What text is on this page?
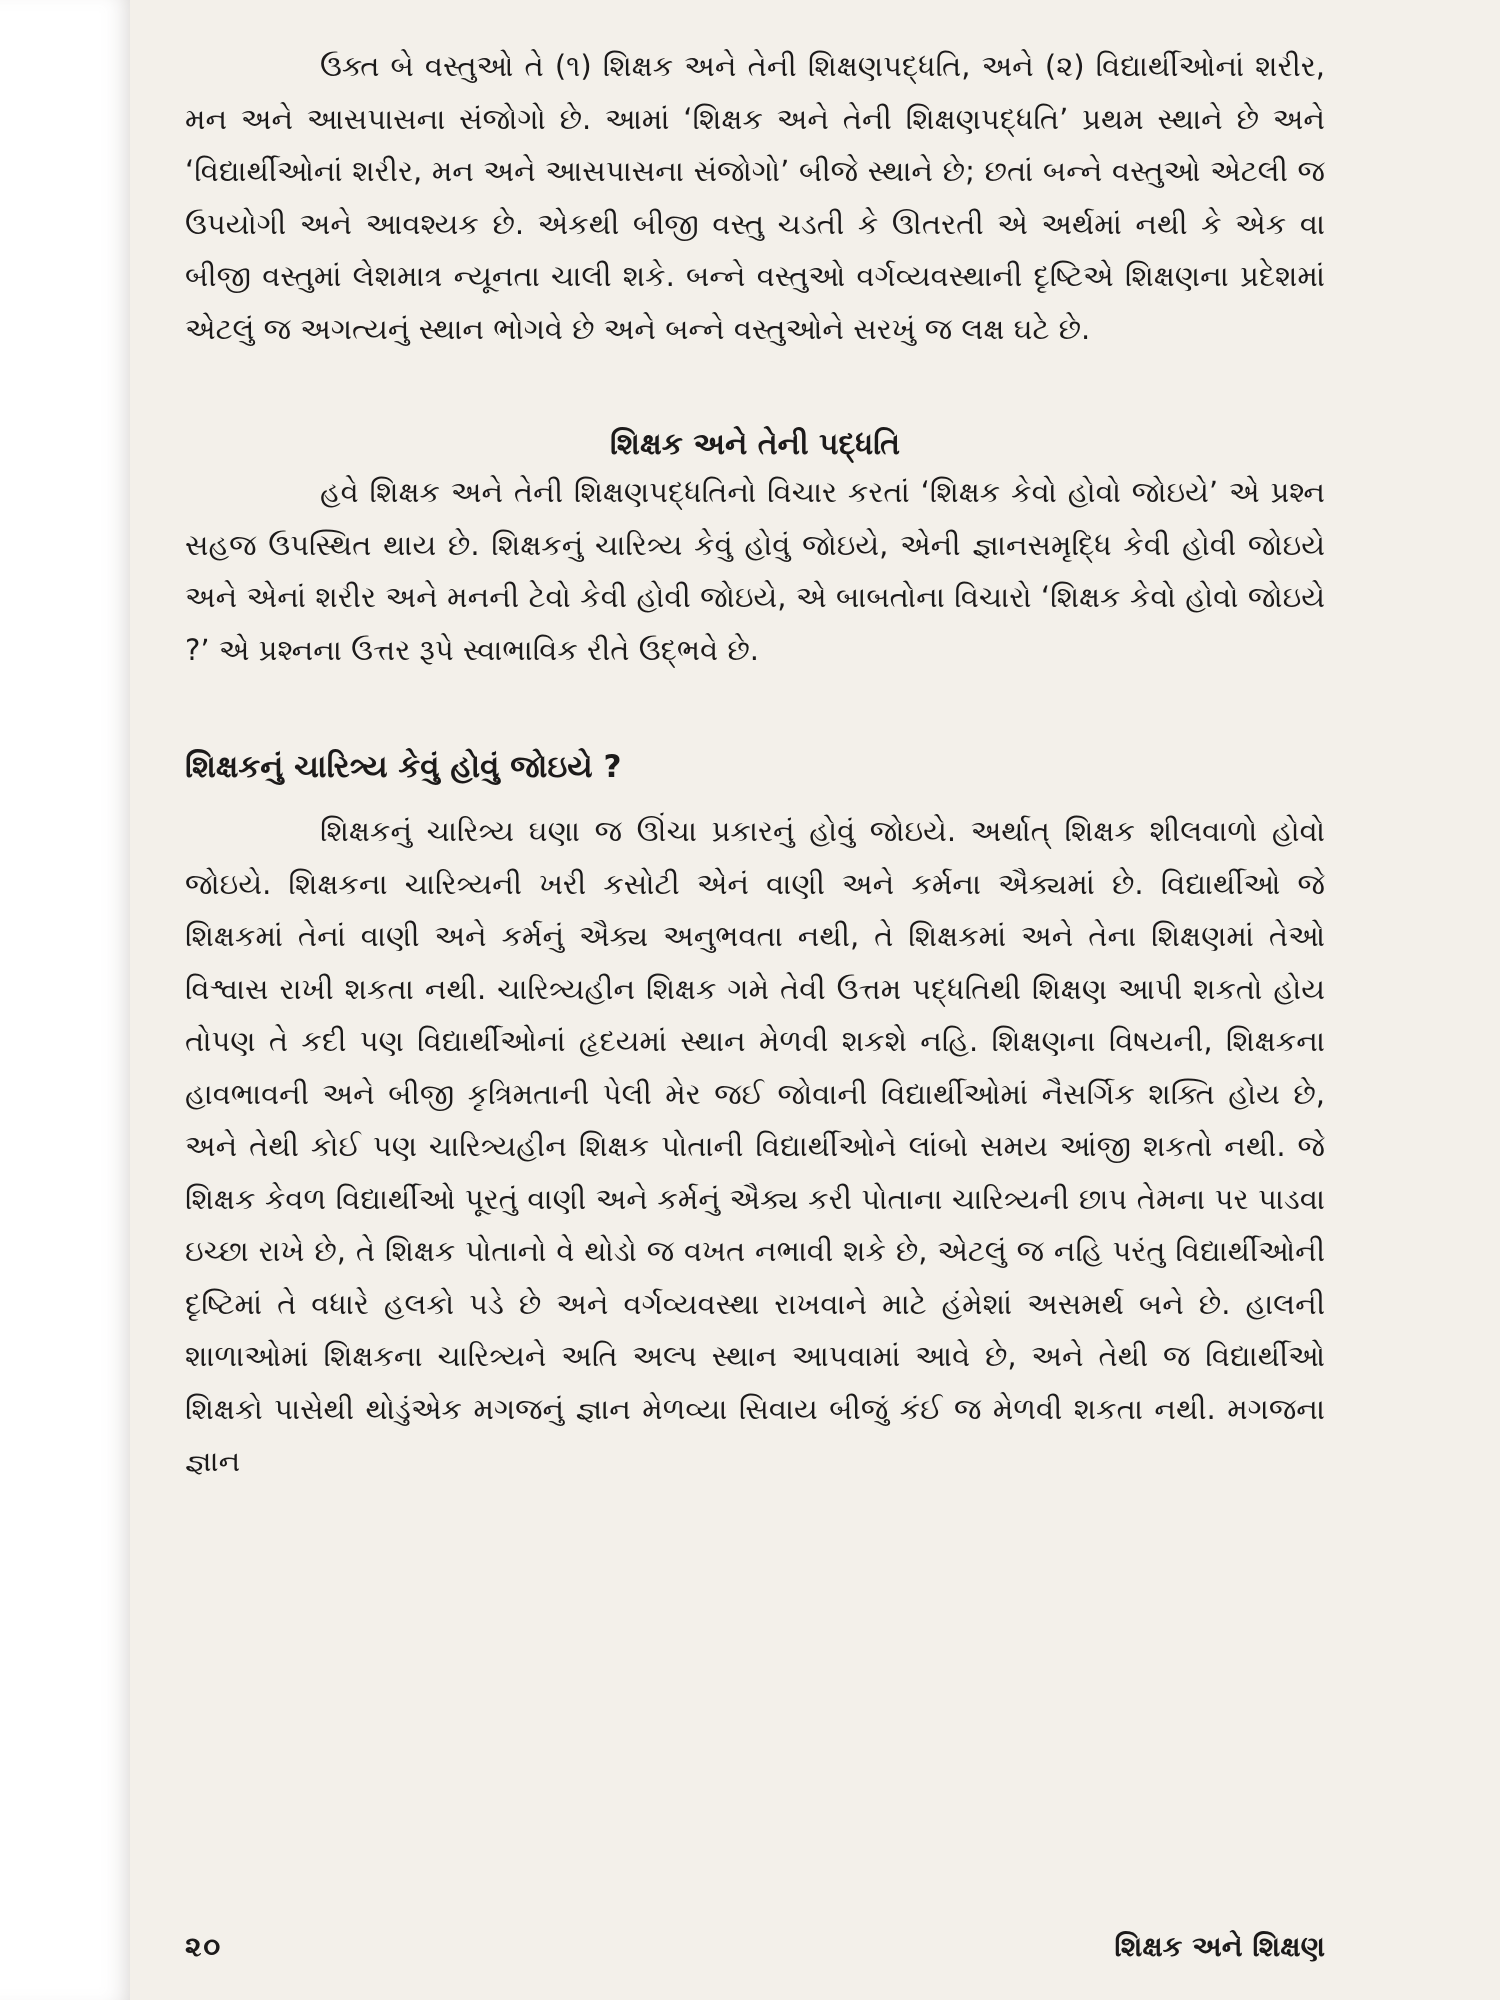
ઉક્ત બે વસ્તુઓ તે (૧) શિક્ષક અને તેની શિક્ષણપદ્ધતિ, અને (૨) વિદ્યાર્થીઓનાં શરીર, મન અને આસપાસના સંજોગો છે. આમાં ‘શિક્ષક અને તેની શિક્ષણપદ્ધતિ’ પ્રથમ સ્થાને છે અને ‘વિદ્યાર્થીઓનાં શરીર, મન અને આસપાસના સંજોગો’ બીજે સ્થાને છે; છતાં બન્ને વસ્તુઓ એટલી જ ઉપયોગી અને આવશ્યક છે. એકથી બીજી વસ્તુ ચડતી કે ઊતરતી એ અર્થમાં નથી કે એક વા બીજી વસ્તુમાં લેશમાત્ર ન્યૂનતા ચાલી શકે. બન્ને વસ્તુઓ વર્ગવ્યવસ્થાની દૃષ્ટિએ શિક્ષણના પ્રદેશમાં એટલું જ અગત્યનું સ્થાન ભોગવે છે અને બન્ને વસ્તુઓને સરખું જ લક્ષ ઘટે છે.

શિક્ષક અને તેની પદ્ધતિ

હવે શિક્ષક અને તેની શિક્ષણપદ્ધતિનો વિચાર કરતાં ‘શિક્ષક કેવો હોવો જોઇયે’ એ પ્રશ્ન સહજ ઉપસ્થિત થાય છે. શિક્ષકનું ચારિત્ર્ય કેવું હોવું જોઇયે, એની જ્ઞાનસમૃદ્ધિ કેવી હોવી જોઇયે અને એનાં શરીર અને મનની ટેવો કેવી હોવી જોઇયે, એ બાબતોના વિચારો ‘શિક્ષક કેવો હોવો જોઇયે ?’ એ પ્રશ્નના ઉત્તર રૂપે સ્વાભાવિક રીતે ઉદ્ભવે છે.

શિક્ષકનું ચારિત્ર્ય કેવું હોવું જોઇયે ?

શિક્ષકનું ચારિત્ર્ય ઘણા જ ઊંચા પ્રકારનું હોવું જોઇયે. અર્થાત્ શિક્ષક શીલવાળો હોવો જોઇયે. શિક્ષકના ચારિત્ર્યની ખરી કસોટી એનં વાણી અને કર્મના ઐક્યમાં છે. વિદ્યાર્થીઓ જે શિક્ષકમાં તેનાં વાણી અને કર્મનું ઐક્ય અનુભવતા નથી, તે શિક્ષકમાં અને તેના શિક્ષણમાં તેઓ વિશ્વાસ રાખી શકતા નથી. ચારિત્ર્યહીન શિક્ષક ગમે તેવી ઉત્તમ પદ્ધતિથી શિક્ષણ આપી શકતો હોય તોપણ તે કદી પણ વિદ્યાર્થીઓનાં હૃદયમાં સ્થાન મેળવી શકશે નહિ. શિક્ષણના વિષયની, શિક્ષકના હાવભાવની અને બીજી કૃત્રિમતાની પેલી મેર જઈ જોવાની વિદ્યાર્થીઓમાં નૈસર્ગિક શક્તિ હોય છે, અને તેથી કોઈ પણ ચારિત્ર્યહીન શિક્ષક પોતાની વિદ્યાર્થીઓને લાંબો સમય આંજી શકતો નથી. જે શિક્ષક કેવળ વિદ્યાર્થીઓ પૂરતું વાણી અને કર્મનું ઐક્ય કરી પોતાના ચારિત્ર્યની છાપ તેમના પર પાડવા ઇચ્છા રાખે છે, તે શિક્ષક પોતાનો વે થોડો જ વખત નભાવી શકે છે, એટલું જ નહિ પરંતુ વિદ્યાર્થીઓની દૃષ્ટિમાં તે વધારે હલકો પડે છે અને વર્ગવ્યવસ્થા રાખવાને માટે હંમેશાં અસમર્થ બને છે. હાલની શાળાઓમાં શિક્ષકના ચારિત્ર્યને અતિ અલ્પ સ્થાન આપવામાં આવે છે, અને તેથી જ વિદ્યાર્થીઓ શિક્ષકો પાસેથી થોડુંએક મગજનું જ્ઞાન મેળવ્યા સિવાય બીજું કંઈ જ મેળવી શકતા નથી. મગજના જ્ઞાન

૨૦	શિક્ષક અને શિક્ષણ
